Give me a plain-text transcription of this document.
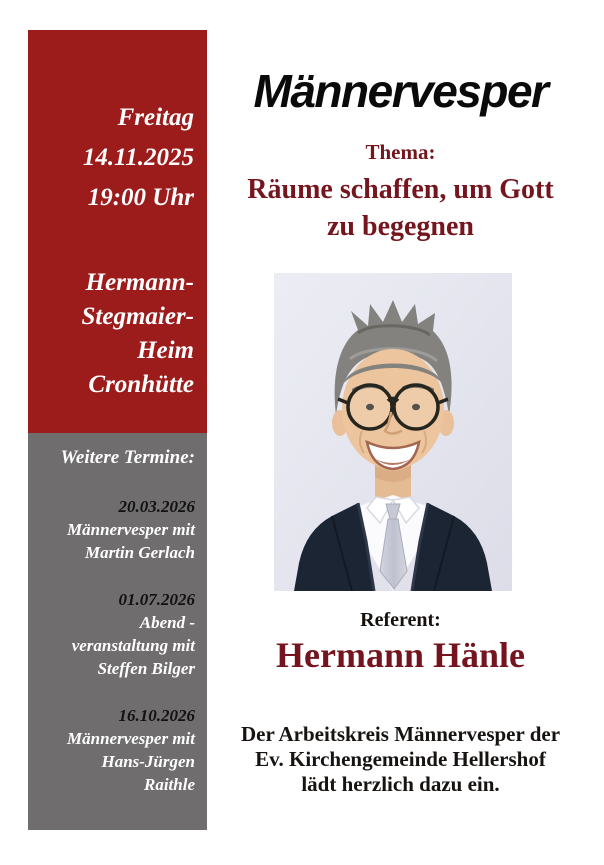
Freitag
14.11.2025
19:00 Uhr
Hermann-
Stegmaier-
Heim
Cronhütte
Weitere Termine:
20.03.2026
Männervesper mit
Martin Gerlach
01.07.2026
Abend -
veranstaltung mit
Steffen Bilger
16.10.2026
Männervesper mit
Hans-Jürgen
Raithle
Männervesper
Thema:
Räume schaffen, um Gott
zu begegnen
Referent:
Hermann Hänle
Der Arbeitskreis Männervesper der
Ev. Kirchengemeinde Hellershof
lädt herzlich dazu ein.
